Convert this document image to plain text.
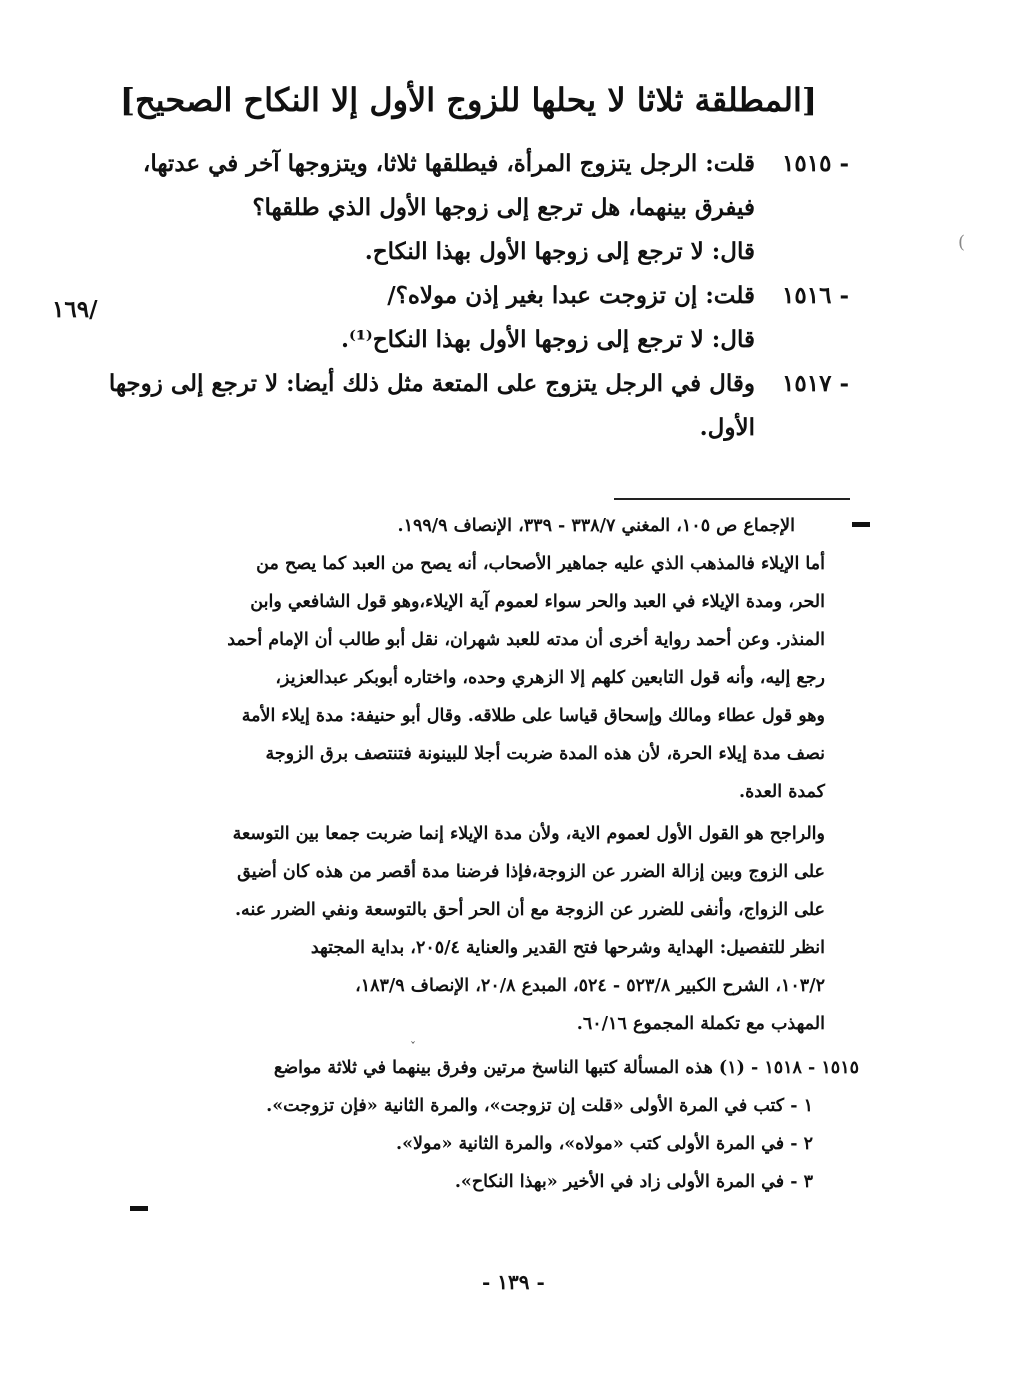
[المطلقة ثلاثا لا يحلها للزوج الأول إلا النكاح الصحيح]
/١٦٩
(
١٥١٥ -
قلت: الرجل يتزوج المرأة، فيطلقها ثلاثا، ويتزوجها آخر في عدتها،
فيفرق بينهما، هل ترجع إلى زوجها الأول الذي طلقها؟
قال: لا ترجع إلى زوجها الأول بهذا النكاح.
١٥١٦ -
قلت: إن تزوجت عبدا بغير إذن مولاه؟/
قال: لا ترجع إلى زوجها الأول بهذا النكاح⁽¹⁾.
١٥١٧ -
وقال في الرجل يتزوج على المتعة مثل ذلك أيضا: لا ترجع إلى زوجها
الأول.
الإجماع ص ١٠٥، المغني ٣٣٨/٧ - ٣٣٩، الإنصاف ١٩٩/٩.
أما الإيلاء فالمذهب الذي عليه جماهير الأصحاب، أنه يصح من العبد كما يصح من
الحر، ومدة الإيلاء في العبد والحر سواء لعموم آية الإيلاء،وهو قول الشافعي وابن
المنذر. وعن أحمد رواية أخرى أن مدته للعبد شهران، نقل أبو طالب أن الإمام أحمد
رجع إليه، وأنه قول التابعين كلهم إلا الزهري وحده، واختاره أبوبكر عبدالعزيز،
وهو قول عطاء ومالك وإسحاق قياسا على طلاقه. وقال أبو حنيفة: مدة إيلاء الأمة
نصف مدة إيلاء الحرة، لأن هذه المدة ضربت أجلا للبينونة فتنتصف برق الزوجة
كمدة العدة.
والراجح هو القول الأول لعموم الاية، ولأن مدة الإيلاء إنما ضربت جمعا بين التوسعة
على الزوج وبين إزالة الضرر عن الزوجة،فإذا فرضنا مدة أقصر من هذه كان أضيق
على الزواج، وأنفى للضرر عن الزوجة مع أن الحر أحق بالتوسعة ونفي الضرر عنه.
انظر للتفصيل: الهداية وشرحها فتح القدير والعناية ٢٠٥/٤، بداية المجتهد
١٠٣/٢، الشرح الكبير ٥٢٣/٨ - ٥٢٤، المبدع ٢٠/٨، الإنصاف ١٨٣/٩،
المهذب مع تكملة المجموع ٦٠/١٦.
ˇ
١٥١٥ - ١٥١٨ - (١) هذه المسألة كتبها الناسخ مرتين وفرق بينهما في ثلاثة مواضع
١ - كتب في المرة الأولى «قلت إن تزوجت»، والمرة الثانية «فإن تزوجت».
٢ - في المرة الأولى كتب «مولاه»، والمرة الثانية «مولا».
٣ - في المرة الأولى زاد في الأخير «بهذا النكاح».
- ١٣٩ -
